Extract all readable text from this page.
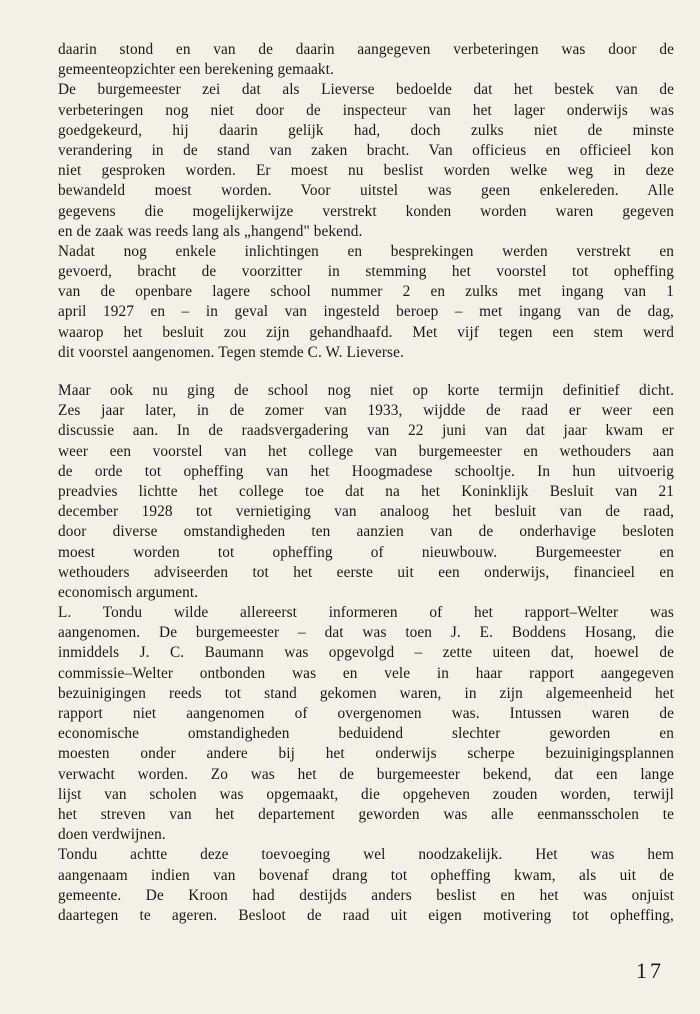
daarin stond en van de daarin aangegeven verbeteringen was door de
gemeenteopzichter een berekening gemaakt.
De burgemeester zei dat als Lieverse bedoelde dat het bestek van de
verbeteringen nog niet door de inspecteur van het lager onderwijs was
goedgekeurd, hij daarin gelijk had, doch zulks niet de minste
verandering in de stand van zaken bracht. Van officieus en officieel kon
niet gesproken worden. Er moest nu beslist worden welke weg in deze
bewandeld moest worden. Voor uitstel was geen enkelereden. Alle
gegevens die mogelijkerwijze verstrekt konden worden waren gegeven
en de zaak was reeds lang als „hangend" bekend.
Nadat nog enkele inlichtingen en besprekingen werden verstrekt en
gevoerd, bracht de voorzitter in stemming het voorstel tot opheffing
van de openbare lagere school nummer 2 en zulks met ingang van 1
april 1927 en – in geval van ingesteld beroep – met ingang van de dag,
waarop het besluit zou zijn gehandhaafd. Met vijf tegen een stem werd
dit voorstel aangenomen. Tegen stemde C. W. Lieverse.
Maar ook nu ging de school nog niet op korte termijn definitief dicht.
Zes jaar later, in de zomer van 1933, wijdde de raad er weer een
discussie aan. In de raadsvergadering van 22 juni van dat jaar kwam er
weer een voorstel van het college van burgemeester en wethouders aan
de orde tot opheffing van het Hoogmadese schooltje. In hun uitvoerig
preadvies lichtte het college toe dat na het Koninklijk Besluit van 21
december 1928 tot vernietiging van analoog het besluit van de raad,
door diverse omstandigheden ten aanzien van de onderhavige besloten
moest worden tot opheffing of nieuwbouw. Burgemeester en
wethouders adviseerden tot het eerste uit een onderwijs, financieel en
economisch argument.
L. Tondu wilde allereerst informeren of het rapport–Welter was
aangenomen. De burgemeester – dat was toen J. E. Boddens Hosang, die
inmiddels J. C. Baumann was opgevolgd – zette uiteen dat, hoewel de
commissie–Welter ontbonden was en vele in haar rapport aangegeven
bezuinigingen reeds tot stand gekomen waren, in zijn algemeenheid het
rapport niet aangenomen of overgenomen was. Intussen waren de
economische omstandigheden beduidend slechter geworden en
moesten onder andere bij het onderwijs scherpe bezuinigingsplannen
verwacht worden. Zo was het de burgemeester bekend, dat een lange
lijst van scholen was opgemaakt, die opgeheven zouden worden, terwijl
het streven van het departement geworden was alle eenmansscholen te
doen verdwijnen.
Tondu achtte deze toevoeging wel noodzakelijk. Het was hem
aangenaam indien van bovenaf drang tot opheffing kwam, als uit de
gemeente. De Kroon had destijds anders beslist en het was onjuist
daartegen te ageren. Besloot de raad uit eigen motivering tot opheffing,
17
